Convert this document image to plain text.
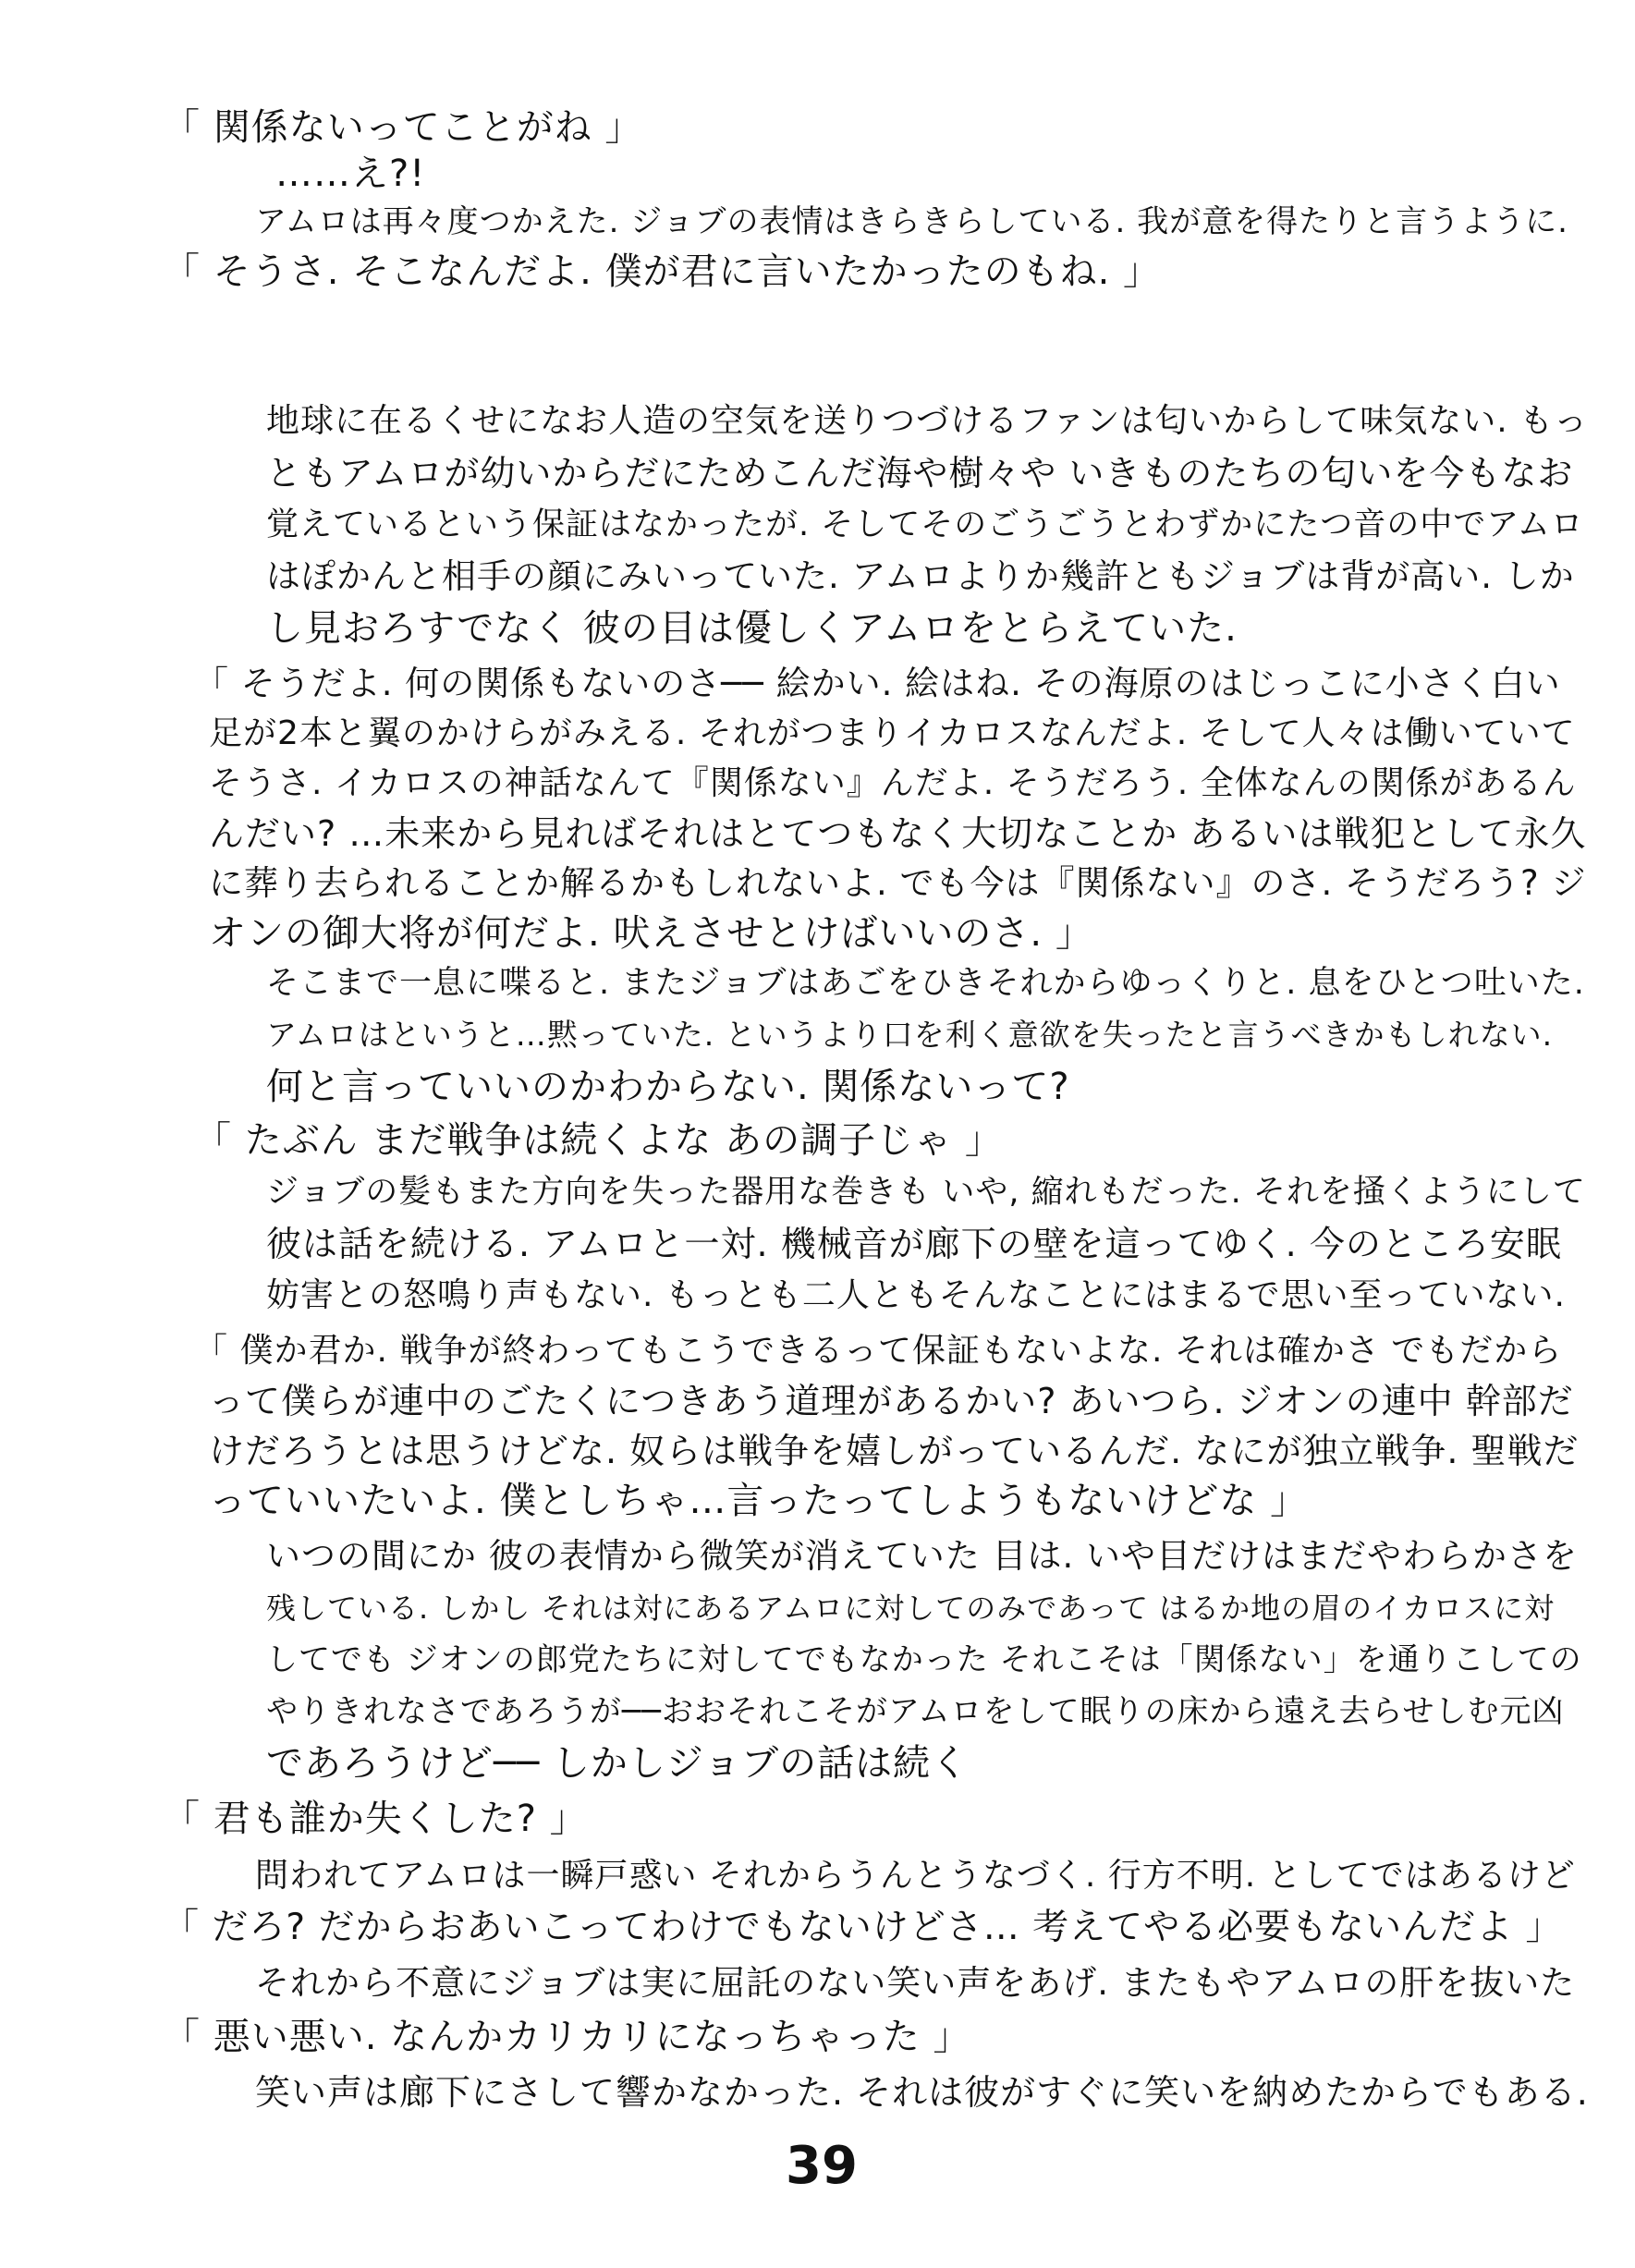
「 関係ないってことがね 」
……え?!
アムロは再々度つかえた. ジョブの表情はきらきらしている. 我が意を得たりと言うように.
「 そうさ. そこなんだよ. 僕が君に言いたかったのもね. 」
地球に在るくせになお人造の空気を送りつづけるファンは匂いからして味気ない. もっ
ともアムロが幼いからだにためこんだ海や樹々や いきものたちの匂いを今もなお
覚えているという保証はなかったが. そしてそのごうごうとわずかにたつ音の中でアムロ
はぽかんと相手の顔にみいっていた. アムロよりか幾許ともジョブは背が高い. しか
し見おろすでなく 彼の目は優しくアムロをとらえていた.
「 そうだよ. 何の関係もないのさ── 絵かい. 絵はね. その海原のはじっこに小さく白い
足が2本と翼のかけらがみえる. それがつまりイカロスなんだよ. そして人々は働いていて
そうさ. イカロスの神話なんて『関係ない』んだよ. そうだろう. 全体なんの関係があるん
んだい? …未来から見ればそれはとてつもなく大切なことか あるいは戦犯として永久
に葬り去られることか解るかもしれないよ. でも今は『関係ない』のさ. そうだろう? ジ
オンの御大将が何だよ. 吠えさせとけばいいのさ. 」
そこまで一息に喋ると. またジョブはあごをひきそれからゆっくりと. 息をひとつ吐いた.
アムロはというと…黙っていた. というより口を利く意欲を失ったと言うべきかもしれない.
何と言っていいのかわからない. 関係ないって?
「 たぶん まだ戦争は続くよな あの調子じゃ 」
ジョブの髪もまた方向を失った器用な巻きも いや, 縮れもだった. それを掻くようにして
彼は話を続ける. アムロと一対. 機械音が廊下の壁を這ってゆく. 今のところ安眠
妨害との怒鳴り声もない. もっとも二人ともそんなことにはまるで思い至っていない.
「 僕か君か. 戦争が終わってもこうできるって保証もないよな. それは確かさ でもだから
って僕らが連中のごたくにつきあう道理があるかい? あいつら. ジオンの連中 幹部だ
けだろうとは思うけどな. 奴らは戦争を嬉しがっているんだ. なにが独立戦争. 聖戦だ
っていいたいよ. 僕としちゃ…言ったってしようもないけどな 」
いつの間にか 彼の表情から微笑が消えていた 目は. いや目だけはまだやわらかさを
残している. しかし それは対にあるアムロに対してのみであって はるか地の眉のイカロスに対
してでも ジオンの郎党たちに対してでもなかった それこそは「関係ない」を通りこしての
やりきれなさであろうが──おおそれこそがアムロをして眠りの床から遠え去らせしむ元凶
であろうけど── しかしジョブの話は続く
「 君も誰か失くした? 」
問われてアムロは一瞬戸惑い それからうんとうなづく. 行方不明. としてではあるけど
「 だろ? だからおあいこってわけでもないけどさ… 考えてやる必要もないんだよ 」
それから不意にジョブは実に屈託のない笑い声をあげ. またもやアムロの肝を抜いた
「 悪い悪い. なんかカリカリになっちゃった 」
笑い声は廊下にさして響かなかった. それは彼がすぐに笑いを納めたからでもある.
39
